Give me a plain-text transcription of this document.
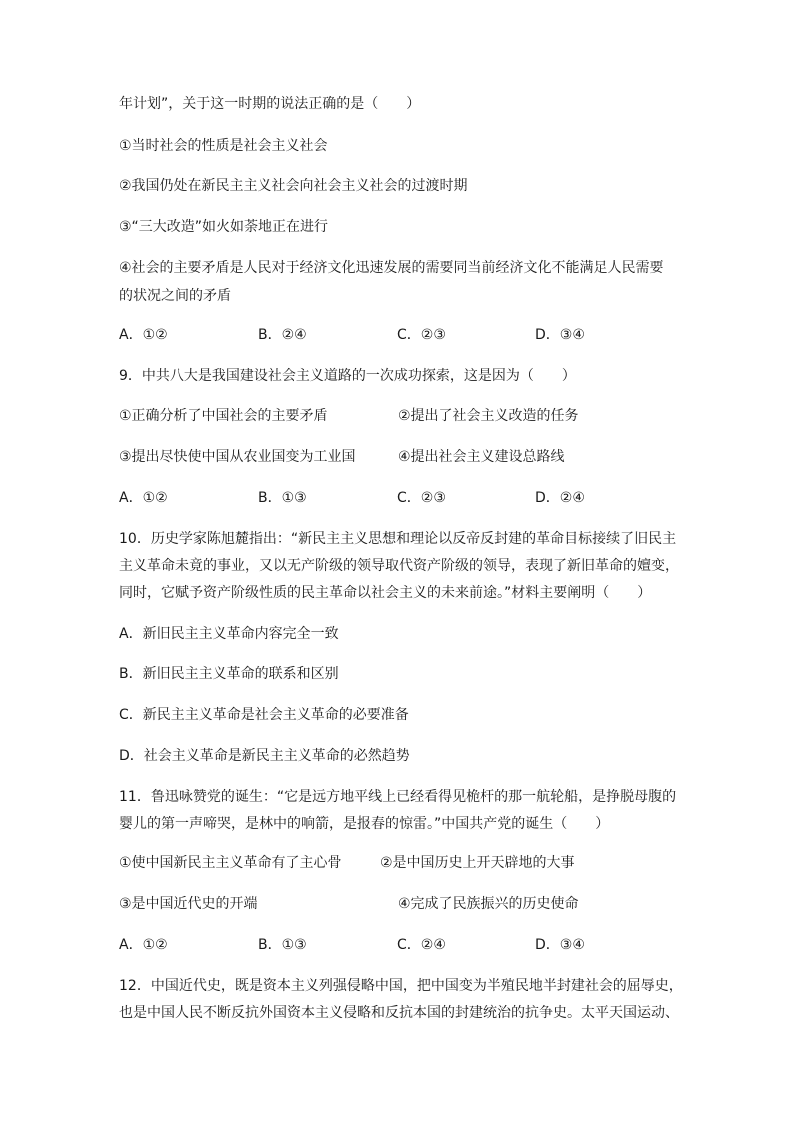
年计划”，关于这一时期的说法正确的是（　　）
①当时社会的性质是社会主义社会
②我国仍处在新民主主义社会向社会主义社会的过渡时期
③“三大改造”如火如荼地正在进行
④社会的主要矛盾是人民对于经济文化迅速发展的需要同当前经济文化不能满足人民需要
的状况之间的矛盾
A．①②	B．②④	C．②③	D．③④
9．中共八大是我国建设社会主义道路的一次成功探索，这是因为（　　）
①正确分析了中国社会的主要矛盾	②提出了社会主义改造的任务
③提出尽快使中国从农业国变为工业国	④提出社会主义建设总路线
A．①②	B．①③	C．②③	D．②④
10．历史学家陈旭麓指出：“新民主主义思想和理论以反帝反封建的革命目标接续了旧民主
主义革命未竟的事业，又以无产阶级的领导取代资产阶级的领导，表现了新旧革命的嬗变，
同时，它赋予资产阶级性质的民主革命以社会主义的未来前途。”材料主要阐明（　　）
A．新旧民主主义革命内容完全一致
B．新旧民主主义革命的联系和区别
C．新民主主义革命是社会主义革命的必要准备
D．社会主义革命是新民主主义革命的必然趋势
11．鲁迅咏赞党的诞生：“它是远方地平线上已经看得见桅杆的那一航轮船，是挣脱母腹的
婴儿的第一声啼哭，是林中的响箭，是报春的惊雷。”中国共产党的诞生（　　）
①使中国新民主主义革命有了主心骨	②是中国历史上开天辟地的大事
③是中国近代史的开端	④完成了民族振兴的历史使命
A．①②	B．①③	C．②④	D．③④
12．中国近代史，既是资本主义列强侵略中国，把中国变为半殖民地半封建社会的屈辱史，
也是中国人民不断反抗外国资本主义侵略和反抗本国的封建统治的抗争史。太平天国运动、
